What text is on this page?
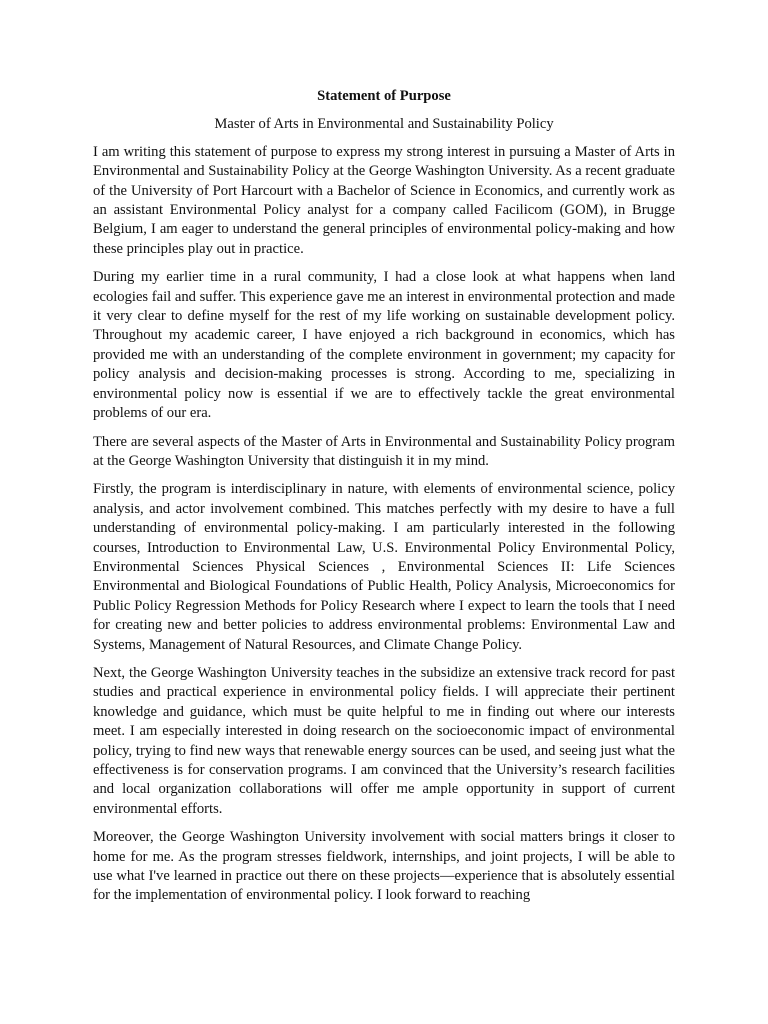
Statement of Purpose
Master of Arts in Environmental and Sustainability Policy

I am writing this statement of purpose to express my strong interest in pursuing a Master of Arts in Environmental and Sustainability Policy at the George Washington University. As a recent graduate of the University of Port Harcourt with a Bachelor of Science in Economics, and currently work as an assistant Environmental Policy analyst for a company called Facilicom (GOM), in Brugge Belgium, I am eager to understand the general principles of environmental policy-making and how these principles play out in practice.

During my earlier time in a rural community, I had a close look at what happens when land ecologies fail and suffer. This experience gave me an interest in environmental protection and made it very clear to define myself for the rest of my life working on sustainable development policy. Throughout my academic career, I have enjoyed a rich background in economics, which has provided me with an understanding of the complete environment in government; my capacity for policy analysis and decision-making processes is strong. According to me, specializing in environmental policy now is essential if we are to effectively tackle the great environmental problems of our era.

There are several aspects of the Master of Arts in Environmental and Sustainability Policy program at the George Washington University that distinguish it in my mind.

Firstly, the program is interdisciplinary in nature, with elements of environmental science, policy analysis, and actor involvement combined. This matches perfectly with my desire to have a full understanding of environmental policy-making. I am particularly interested in the following courses, Introduction to Environmental Law, U.S. Environmental Policy Environmental Policy, Environmental Sciences Physical Sciences , Environmental Sciences II: Life Sciences Environmental and Biological Foundations of Public Health, Policy Analysis, Microeconomics for Public Policy Regression Methods for Policy Research where I expect to learn the tools that I need for creating new and better policies to address environmental problems: Environmental Law and Systems, Management of Natural Resources, and Climate Change Policy.

Next, the George Washington University teaches in the subsidize an extensive track record for past studies and practical experience in environmental policy fields. I will appreciate their pertinent knowledge and guidance, which must be quite helpful to me in finding out where our interests meet. I am especially interested in doing research on the socioeconomic impact of environmental policy, trying to find new ways that renewable energy sources can be used, and seeing just what the effectiveness is for conservation programs. I am convinced that the University’s research facilities and local organization collaborations will offer me ample opportunity in support of current environmental efforts.

Moreover, the George Washington University involvement with social matters brings it closer to home for me. As the program stresses fieldwork, internships, and joint projects, I will be able to use what I've learned in practice out there on these projects—experience that is absolutely essential for the implementation of environmental policy. I look forward to reaching
